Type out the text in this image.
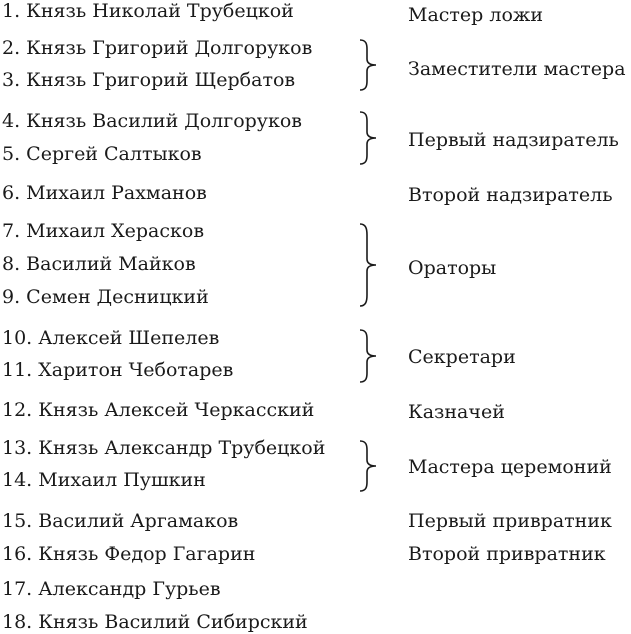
1. Князь Николай Трубецкой
2. Князь Григорий Долгоруков
3. Князь Григорий Щербатов
4. Князь Василий Долгоруков
5. Сергей Салтыков
6. Михаил Рахманов
7. Михаил Херасков
8. Василий Майков
9. Семен Десницкий
10. Алексей Шепелев
11. Харитон Чеботарев
12. Князь Алексей Черкасский
13. Князь Александр Трубецкой
14. Михаил Пушкин
15. Василий Аргамаков
16. Князь Федор Гагарин
17. Александр Гурьев
18. Князь Василий Сибирский
Мастер ложи
Заместители мастера
Первый надзиратель
Второй надзиратель
Ораторы
Секретари
Казначей
Мастера церемоний
Первый привратник
Второй привратник
